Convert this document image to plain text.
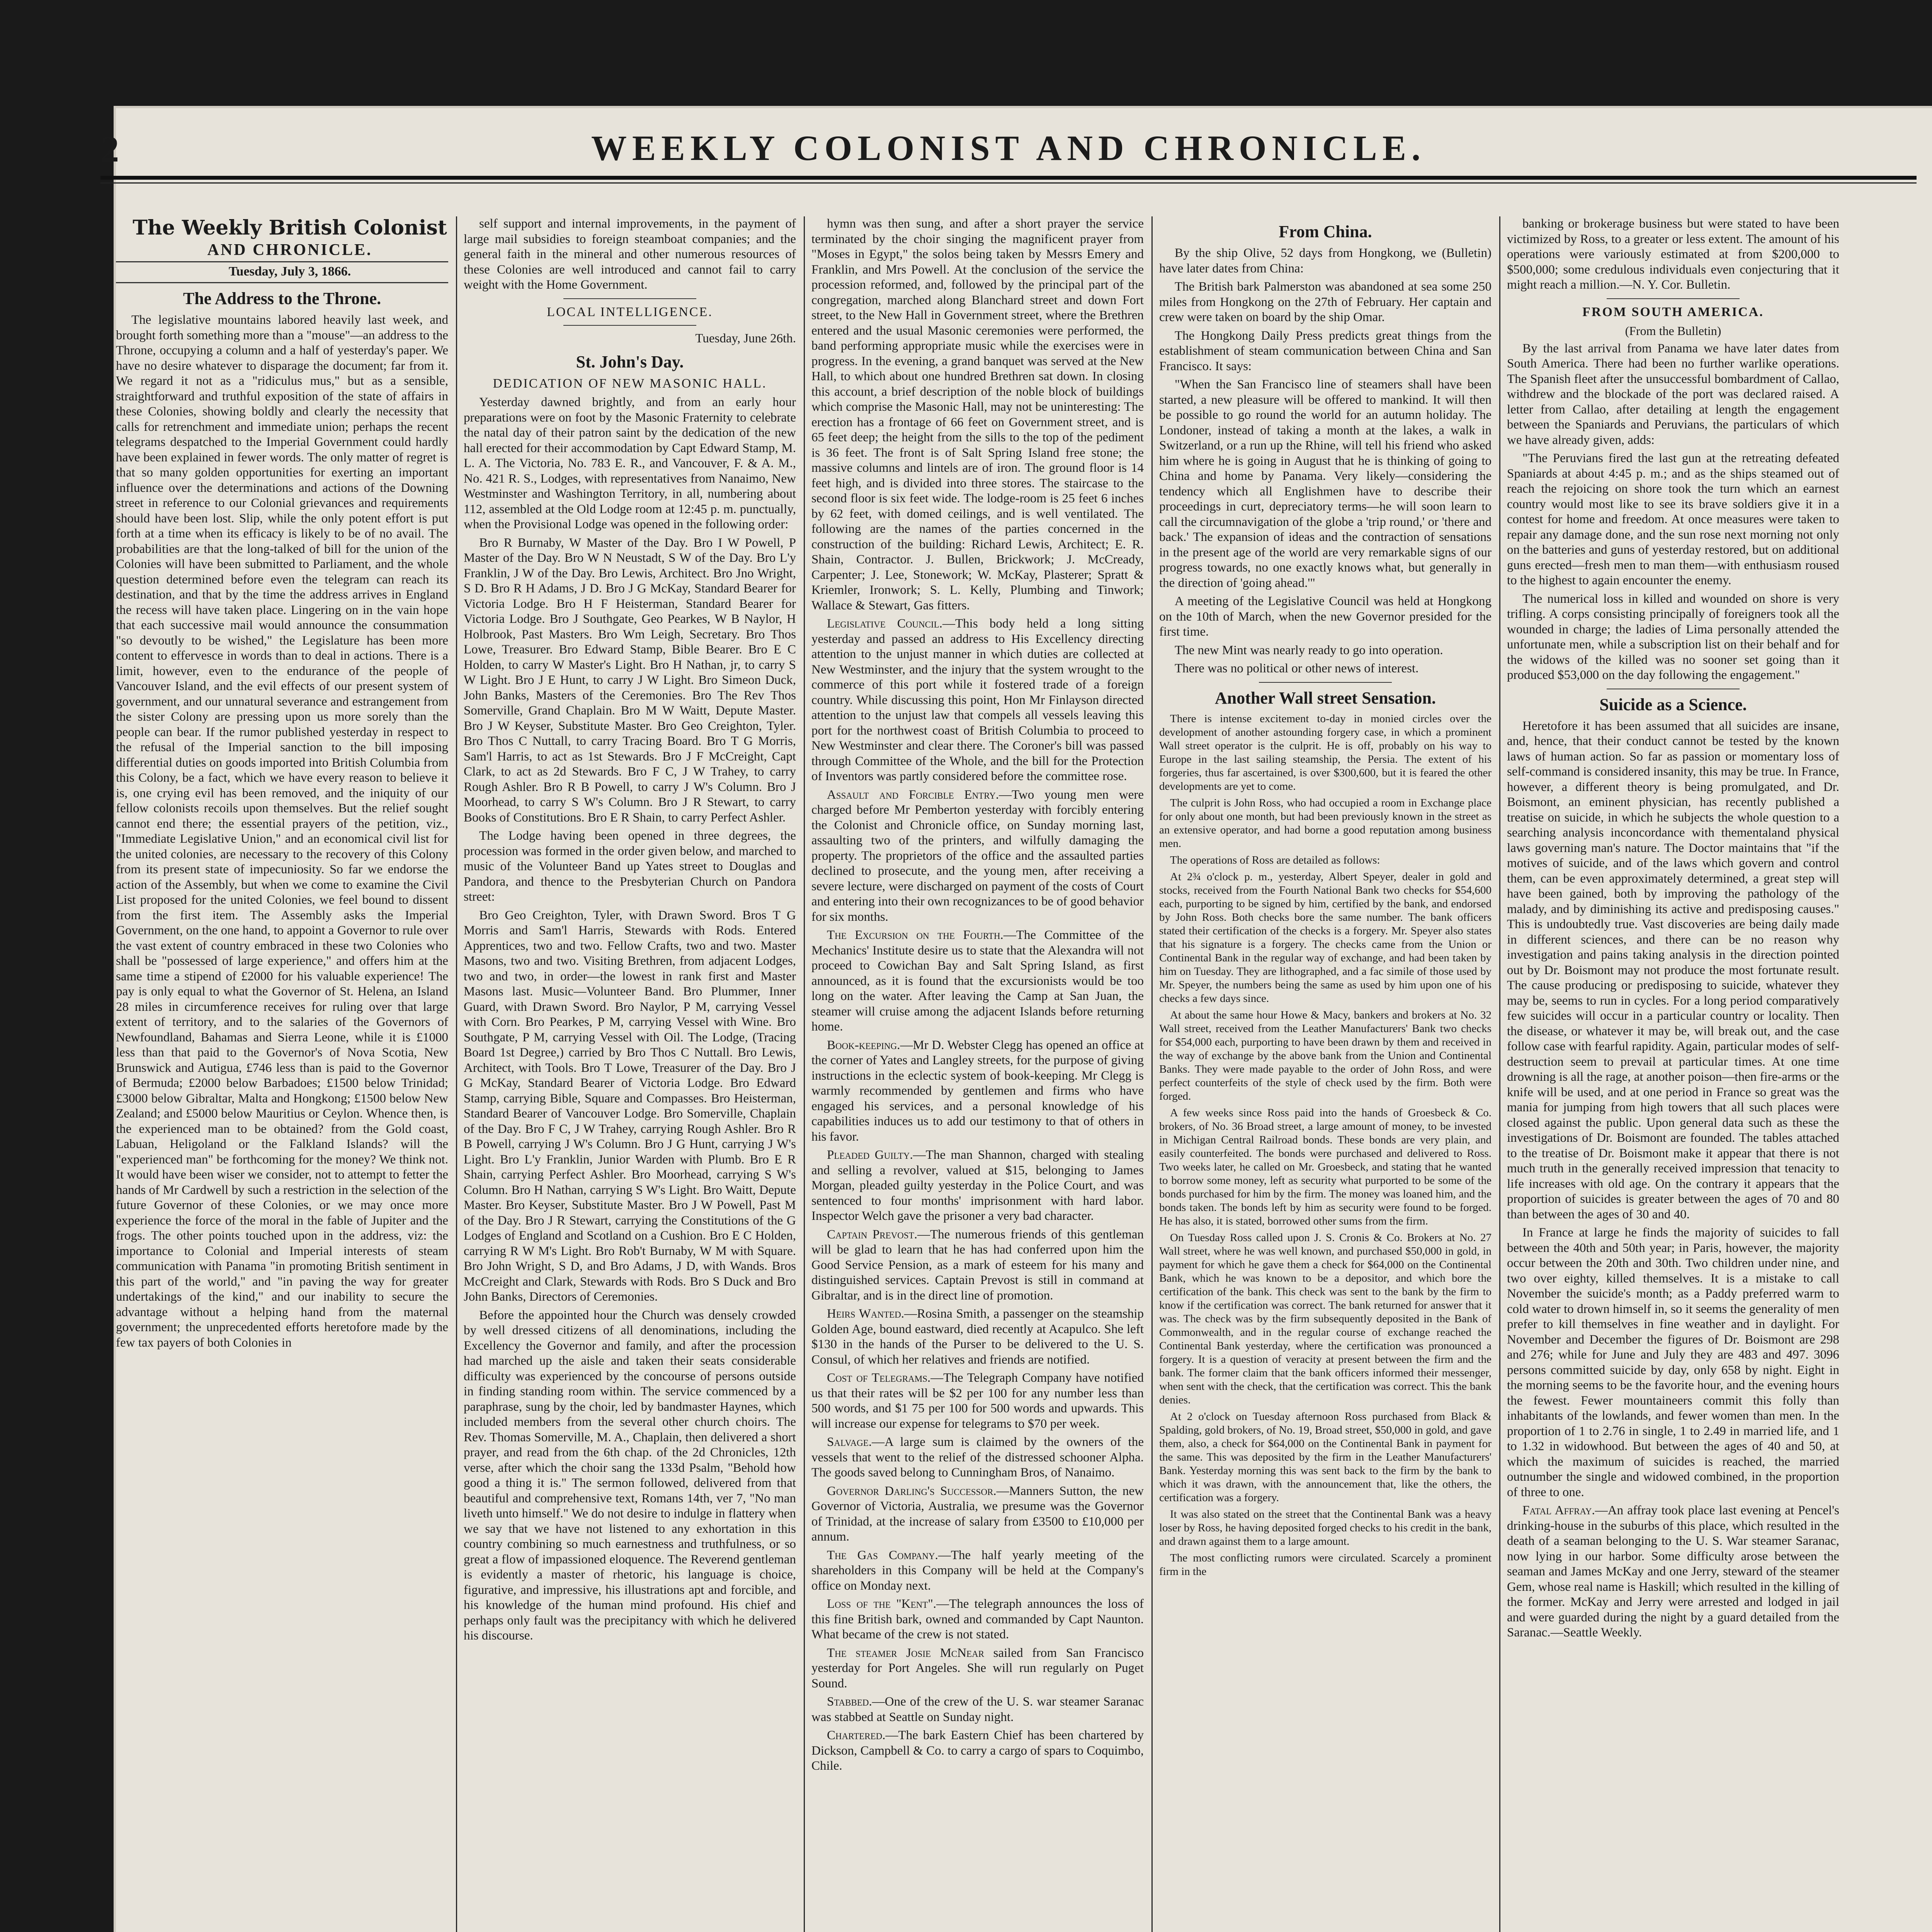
2	WEEKLY COLONIST AND CHRONICLE.

The Weekly British Colonist

AND CHRONICLE.

Tuesday, July 3, 1866.

The Address to the Throne.

The legislative mountains labored heavily last week, and brought forth something more than a "mouse"—an address to the Throne, occupying a column and a half of yesterday's paper. We have no desire whatever to disparage the document; far from it. We regard it not as a "ridiculus mus," but as a sensible, straightforward and truthful exposition of the state of affairs in these Colonies, showing boldly and clearly the necessity that calls for retrenchment and immediate union; perhaps the recent telegrams despatched to the Imperial Government could hardly have been explained in fewer words. The only matter of regret is that so many golden opportunities for exerting an important influence over the determinations and actions of the Downing street in reference to our Colonial grievances and requirements should have been lost. Slip, while the only potent effort is put forth at a time when its efficacy is likely to be of no avail. The probabilities are that the long-talked of bill for the union of the Colonies will have been submitted to Parliament, and the whole question determined before even the telegram can reach its destination, and that by the time the address arrives in England the recess will have taken place. Lingering on in the vain hope that each successive mail would announce the consummation "so devoutly to be wished," the Legislature has been more content to effervesce in words than to deal in actions. There is a limit, however, even to the endurance of the people of Vancouver Island, and the evil effects of our present system of government, and our unnatural severance and estrangement from the sister Colony are pressing upon us more sorely than the people can bear. If the rumor published yesterday in respect to the refusal of the Imperial sanction to the bill imposing differential duties on goods imported into British Columbia from this Colony, be a fact, which we have every reason to believe it is, one crying evil has been removed, and the iniquity of our fellow colonists recoils upon themselves. But the relief sought cannot end there; the essential prayers of the petition, viz., "Immediate Legislative Union," and an economical civil list for the united colonies, are necessary to the recovery of this Colony from its present state of impecuniosity. So far we endorse the action of the Assembly, but when we come to examine the Civil List proposed for the united Colonies, we feel bound to dissent from the first item. The Assembly asks the Imperial Government, on the one hand, to appoint a Governor to rule over the vast extent of country embraced in these two Colonies who shall be "possessed of large experience," and offers him at the same time a stipend of £2000 for his valuable experience! The pay is only equal to what the Governor of St. Helena, an Island 28 miles in circumference receives for ruling over that large extent of territory, and to the salaries of the Governors of Newfoundland, Bahamas and Sierra Leone, while it is £1000 less than that paid to the Governor's of Nova Scotia, New Brunswick and Autigua, £746 less than is paid to the Governor of Bermuda; £2000 below Barbadoes; £1500 below Trinidad; £3000 below Gibraltar, Malta and Hongkong; £1500 below New Zealand; and £5000 below Mauritius or Ceylon. Whence then, is the experienced man to be obtained? from the Gold coast, Labuan, Heligoland or the Falkland Islands? will the "experienced man" be forthcoming for the money? We think not. It would have been wiser we consider, not to attempt to fetter the hands of Mr Cardwell by such a restriction in the selection of the future Governor of these Colonies, or we may once more experience the force of the moral in the fable of Jupiter and the frogs. The other points touched upon in the address, viz: the importance to Colonial and Imperial interests of steam communication with Panama "in promoting British sentiment in this part of the world," and "in paving the way for greater undertakings of the kind," and our inability to secure the advantage without a helping hand from the maternal government; the unprecedented efforts heretofore made by the few tax payers of both Colonies in

self support and internal improvements, in the payment of large mail subsidies to foreign steamboat companies; and the general faith in the mineral and other numerous resources of these Colonies are well introduced and cannot fail to carry weight with the Home Government.

LOCAL INTELLIGENCE.

Tuesday, June 26th.

St. John's Day.

DEDICATION OF NEW MASONIC HALL.

Yesterday dawned brightly, and from an early hour preparations were on foot by the Masonic Fraternity to celebrate the natal day of their patron saint by the dedication of the new hall erected for their accommodation by Capt Edward Stamp, M. L. A. The Victoria, No. 783 E. R., and Vancouver, F. & A. M., No. 421 R. S., Lodges, with representatives from Nanaimo, New Westminster and Washington Territory, in all, numbering about 112, assembled at the Old Lodge room at 12:45 p. m. punctually, when the Provisional Lodge was opened in the following order:

Bro R Burnaby, W Master of the Day. Bro I W Powell, P Master of the Day. Bro W N Neustadt, S W of the Day. Bro L'y Franklin, J W of the Day. Bro Lewis, Architect. Bro Jno Wright, S D. Bro R H Adams, J D. Bro J G McKay, Standard Bearer for Victoria Lodge. Bro H F Heisterman, Standard Bearer for Victoria Lodge. Bro J Southgate, Geo Pearkes, W B Naylor, H Holbrook, Past Masters. Bro Wm Leigh, Secretary. Bro Thos Lowe, Treasurer. Bro Edward Stamp, Bible Bearer. Bro E C Holden, to carry W Master's Light. Bro H Nathan, jr, to carry S W Light. Bro J E Hunt, to carry J W Light. Bro Simeon Duck, John Banks, Masters of the Ceremonies. Bro The Rev Thos Somerville, Grand Chaplain. Bro M W Waitt, Depute Master. Bro J W Keyser, Substitute Master. Bro Geo Creighton, Tyler. Bro Thos C Nuttall, to carry Tracing Board. Bro T G Morris, Sam'l Harris, to act as 1st Stewards. Bro J F McCreight, Capt Clark, to act as 2d Stewards. Bro F C, J W Trahey, to carry Rough Ashler. Bro R B Powell, to carry J W's Column. Bro J Moorhead, to carry S W's Column. Bro J R Stewart, to carry Books of Constitutions. Bro E R Shain, to carry Perfect Ashler.

The Lodge having been opened in three degrees, the procession was formed in the order given below, and marched to music of the Volunteer Band up Yates street to Douglas and Pandora, and thence to the Presbyterian Church on Pandora street:

Bro Geo Creighton, Tyler, with Drawn Sword. Bros T G Morris and Sam'l Harris, Stewards with Rods. Entered Apprentices, two and two. Fellow Crafts, two and two. Master Masons, two and two. Visiting Brethren, from adjacent Lodges, two and two, in order—the lowest in rank first and Master Masons last. Music—Volunteer Band. Bro Plummer, Inner Guard, with Drawn Sword. Bro Naylor, P M, carrying Vessel with Corn. Bro Pearkes, P M, carrying Vessel with Wine. Bro Southgate, P M, carrying Vessel with Oil. The Lodge, (Tracing Board 1st Degree,) carried by Bro Thos C Nuttall. Bro Lewis, Architect, with Tools. Bro T Lowe, Treasurer of the Day. Bro J G McKay, Standard Bearer of Victoria Lodge. Bro Edward Stamp, carrying Bible, Square and Compasses. Bro Heisterman, Standard Bearer of Vancouver Lodge. Bro Somerville, Chaplain of the Day. Bro F C, J W Trahey, carrying Rough Ashler. Bro R B Powell, carrying J W's Column. Bro J G Hunt, carrying J W's Light. Bro L'y Franklin, Junior Warden with Plumb. Bro E R Shain, carrying Perfect Ashler. Bro Moorhead, carrying S W's Column. Bro H Nathan, carrying S W's Light. Bro Waitt, Depute Master. Bro Keyser, Substitute Master. Bro J W Powell, Past M of the Day. Bro J R Stewart, carrying the Constitutions of the G Lodges of England and Scotland on a Cushion. Bro E C Holden, carrying R W M's Light. Bro Rob't Burnaby, W M with Square. Bro John Wright, S D, and Bro Adams, J D, with Wands. Bros McCreight and Clark, Stewards with Rods. Bro S Duck and Bro John Banks, Directors of Ceremonies.

Before the appointed hour the Church was densely crowded by well dressed citizens of all denominations, including the Excellency the Governor and family, and after the procession had marched up the aisle and taken their seats considerable difficulty was experienced by the concourse of persons outside in finding standing room within. The service commenced by a paraphrase, sung by the choir, led by bandmaster Haynes, which included members from the several other church choirs. The Rev. Thomas Somerville, M. A., Chaplain, then delivered a short prayer, and read from the 6th chap. of the 2d Chronicles, 12th verse, after which the choir sang the 133d Psalm, "Behold how good a thing it is." The sermon followed, delivered from that beautiful and comprehensive text, Romans 14th, ver 7, "No man liveth unto himself." We do not desire to indulge in flattery when we say that we have not listened to any exhortation in this country combining so much earnestness and truthfulness, or so great a flow of impassioned eloquence. The Reverend gentleman is evidently a master of rhetoric, his language is choice, figurative, and impressive, his illustrations apt and forcible, and his knowledge of the human mind profound. His chief and perhaps only fault was the precipitancy with which he delivered his discourse.

hymn was then sung, and after a short prayer the service terminated by the choir singing the magnificent prayer from "Moses in Egypt," the solos being taken by Messrs Emery and Franklin, and Mrs Powell. At the conclusion of the service the procession reformed, and, followed by the principal part of the congregation, marched along Blanchard street and down Fort street, to the New Hall in Government street, where the Brethren entered and the usual Masonic ceremonies were performed, the band performing appropriate music while the exercises were in progress. In the evening, a grand banquet was served at the New Hall, to which about one hundred Brethren sat down. In closing this account, a brief description of the noble block of buildings which comprise the Masonic Hall, may not be uninteresting: The erection has a frontage of 66 feet on Government street, and is 65 feet deep; the height from the sills to the top of the pediment is 36 feet. The front is of Salt Spring Island free stone; the massive columns and lintels are of iron. The ground floor is 14 feet high, and is divided into three stores. The staircase to the second floor is six feet wide. The lodge-room is 25 feet 6 inches by 62 feet, with domed ceilings, and is well ventilated. The following are the names of the parties concerned in the construction of the building: Richard Lewis, Architect; E. R. Shain, Contractor. J. Bullen, Brickwork; J. McCready, Carpenter; J. Lee, Stonework; W. McKay, Plasterer; Spratt & Kriemler, Ironwork; S. L. Kelly, Plumbing and Tinwork; Wallace & Stewart, Gas fitters.

Legislative Council.—This body held a long sitting yesterday and passed an address to His Excellency directing attention to the unjust manner in which duties are collected at New Westminster, and the injury that the system wrought to the commerce of this port while it fostered trade of a foreign country. While discussing this point, Hon Mr Finlayson directed attention to the unjust law that compels all vessels leaving this port for the northwest coast of British Columbia to proceed to New Westminster and clear there. The Coroner's bill was passed through Committee of the Whole, and the bill for the Protection of Inventors was partly considered before the committee rose.

Assault and Forcible Entry.—Two young men were charged before Mr Pemberton yesterday with forcibly entering the Colonist and Chronicle office, on Sunday morning last, assaulting two of the printers, and wilfully damaging the property. The proprietors of the office and the assaulted parties declined to prosecute, and the young men, after receiving a severe lecture, were discharged on payment of the costs of Court and entering into their own recognizances to be of good behavior for six months.

The Excursion on the Fourth.—The Committee of the Mechanics' Institute desire us to state that the Alexandra will not proceed to Cowichan Bay and Salt Spring Island, as first announced, as it is found that the excursionists would be too long on the water. After leaving the Camp at San Juan, the steamer will cruise among the adjacent Islands before returning home.

Book-keeping.—Mr D. Webster Clegg has opened an office at the corner of Yates and Langley streets, for the purpose of giving instructions in the eclectic system of book-keeping. Mr Clegg is warmly recommended by gentlemen and firms who have engaged his services, and a personal knowledge of his capabilities induces us to add our testimony to that of others in his favor.

Pleaded Guilty.—The man Shannon, charged with stealing and selling a revolver, valued at $15, belonging to James Morgan, pleaded guilty yesterday in the Police Court, and was sentenced to four months' imprisonment with hard labor. Inspector Welch gave the prisoner a very bad character.

Captain Prevost.—The numerous friends of this gentleman will be glad to learn that he has had conferred upon him the Good Service Pension, as a mark of esteem for his many and distinguished services. Captain Prevost is still in command at Gibraltar, and is in the direct line of promotion.

Heirs Wanted.—Rosina Smith, a passenger on the steamship Golden Age, bound eastward, died recently at Acapulco. She left $130 in the hands of the Purser to be delivered to the U. S. Consul, of which her relatives and friends are notified.

Cost of Telegrams.—The Telegraph Company have notified us that their rates will be $2 per 100 for any number less than 500 words, and $1 75 per 100 for 500 words and upwards. This will increase our expense for telegrams to $70 per week.

Salvage.—A large sum is claimed by the owners of the vessels that went to the relief of the distressed schooner Alpha. The goods saved belong to Cunningham Bros, of Nanaimo.

Governor Darling's Successor.—Manners Sutton, the new Governor of Victoria, Australia, we presume was the Governor of Trinidad, at the increase of salary from £3500 to £10,000 per annum.

The Gas Company.—The half yearly meeting of the shareholders in this Company will be held at the Company's office on Monday next.

Loss of the "Kent".—The telegraph announces the loss of this fine British bark, owned and commanded by Capt Naunton. What became of the crew is not stated.

The steamer Josie McNear sailed from San Francisco yesterday for Port Angeles. She will run regularly on Puget Sound.

Stabbed.—One of the crew of the U. S. war steamer Saranac was stabbed at Seattle on Sunday night.

Chartered.—The bark Eastern Chief has been chartered by Dickson, Campbell & Co. to carry a cargo of spars to Coquimbo, Chile.

From China.

By the ship Olive, 52 days from Hongkong, we (Bulletin) have later dates from China:

The British bark Palmerston was abandoned at sea some 250 miles from Hongkong on the 27th of February. Her captain and crew were taken on board by the ship Omar.

The Hongkong Daily Press predicts great things from the establishment of steam communication between China and San Francisco. It says:

"When the San Francisco line of steamers shall have been started, a new pleasure will be offered to mankind. It will then be possible to go round the world for an autumn holiday. The Londoner, instead of taking a month at the lakes, a walk in Switzerland, or a run up the Rhine, will tell his friend who asked him where he is going in August that he is thinking of going to China and home by Panama. Very likely—considering the tendency which all Englishmen have to describe their proceedings in curt, depreciatory terms—he will soon learn to call the circumnavigation of the globe a 'trip round,' or 'there and back.' The expansion of ideas and the contraction of sensations in the present age of the world are very remarkable signs of our progress towards, no one exactly knows what, but generally in the direction of 'going ahead.'"

A meeting of the Legislative Council was held at Hongkong on the 10th of March, when the new Governor presided for the first time.

The new Mint was nearly ready to go into operation.

There was no political or other news of interest.

Another Wall street Sensation.

There is intense excitement to-day in monied circles over the development of another astounding forgery case, in which a prominent Wall street operator is the culprit. He is off, probably on his way to Europe in the last sailing steamship, the Persia. The extent of his forgeries, thus far ascertained, is over $300,600, but it is feared the other developments are yet to come.

The culprit is John Ross, who had occupied a room in Exchange place for only about one month, but had been previously known in the street as an extensive operator, and had borne a good reputation among business men.

The operations of Ross are detailed as follows:

At 2¾ o'clock p. m., yesterday, Albert Speyer, dealer in gold and stocks, received from the Fourth National Bank two checks for $54,600 each, purporting to be signed by him, certified by the bank, and endorsed by John Ross. Both checks bore the same number. The bank officers stated their certification of the checks is a forgery. Mr. Speyer also states that his signature is a forgery. The checks came from the Union or Continental Bank in the regular way of exchange, and had been taken by him on Tuesday. They are lithographed, and a fac simile of those used by Mr. Speyer, the numbers being the same as used by him upon one of his checks a few days since.

At about the same hour Howe & Macy, bankers and brokers at No. 32 Wall street, received from the Leather Manufacturers' Bank two checks for $54,000 each, purporting to have been drawn by them and received in the way of exchange by the above bank from the Union and Continental Banks. They were made payable to the order of John Ross, and were perfect counterfeits of the style of check used by the firm. Both were forged.

A few weeks since Ross paid into the hands of Groesbeck & Co. brokers, of No. 36 Broad street, a large amount of money, to be invested in Michigan Central Railroad bonds. These bonds are very plain, and easily counterfeited. The bonds were purchased and delivered to Ross. Two weeks later, he called on Mr. Groesbeck, and stating that he wanted to borrow some money, left as security what purported to be some of the bonds purchased for him by the firm. The money was loaned him, and the bonds taken. The bonds left by him as security were found to be forged. He has also, it is stated, borrowed other sums from the firm.

On Tuesday Ross called upon J. S. Cronis & Co. Brokers at No. 27 Wall street, where he was well known, and purchased $50,000 in gold, in payment for which he gave them a check for $64,000 on the Continental Bank, which he was known to be a depositor, and which bore the certification of the bank. This check was sent to the bank by the firm to know if the certification was correct. The bank returned for answer that it was. The check was by the firm subsequently deposited in the Bank of Commonwealth, and in the regular course of exchange reached the Continental Bank yesterday, where the certification was pronounced a forgery. It is a question of veracity at present between the firm and the bank. The former claim that the bank officers informed their messenger, when sent with the check, that the certification was correct. This the bank denies.

At 2 o'clock on Tuesday afternoon Ross purchased from Black & Spalding, gold brokers, of No. 19, Broad street, $50,000 in gold, and gave them, also, a check for $64,000 on the Continental Bank in payment for the same. This was deposited by the firm in the Leather Manufacturers' Bank. Yesterday morning this was sent back to the firm by the bank to which it was drawn, with the announcement that, like the others, the certification was a forgery.

It was also stated on the street that the Continental Bank was a heavy loser by Ross, he having deposited forged checks to his credit in the bank, and drawn against them to a large amount.

The most conflicting rumors were circulated. Scarcely a prominent firm in the

banking or brokerage business but were stated to have been victimized by Ross, to a greater or less extent. The amount of his operations were variously estimated at from $200,000 to $500,000; some credulous individuals even conjecturing that it might reach a million.—N. Y. Cor. Bulletin.

FROM SOUTH AMERICA.

(From the Bulletin)

By the last arrival from Panama we have later dates from South America. There had been no further warlike operations. The Spanish fleet after the unsuccessful bombardment of Callao, withdrew and the blockade of the port was declared raised. A letter from Callao, after detailing at length the engagement between the Spaniards and Peruvians, the particulars of which we have already given, adds:

"The Peruvians fired the last gun at the retreating defeated Spaniards at about 4:45 p. m.; and as the ships steamed out of reach the rejoicing on shore took the turn which an earnest country would most like to see its brave soldiers give it in a contest for home and freedom. At once measures were taken to repair any damage done, and the sun rose next morning not only on the batteries and guns of yesterday restored, but on additional guns erected—fresh men to man them—with enthusiasm roused to the highest to again encounter the enemy.

The numerical loss in killed and wounded on shore is very trifling. A corps consisting principally of foreigners took all the wounded in charge; the ladies of Lima personally attended the unfortunate men, while a subscription list on their behalf and for the widows of the killed was no sooner set going than it produced $53,000 on the day following the engagement."

Suicide as a Science.

Heretofore it has been assumed that all suicides are insane, and, hence, that their conduct cannot be tested by the known laws of human action. So far as passion or momentary loss of self-command is considered insanity, this may be true. In France, however, a different theory is being promulgated, and Dr. Boismont, an eminent physician, has recently published a treatise on suicide, in which he subjects the whole question to a searching analysis inconcordance with thementaland physical laws governing man's nature. The Doctor maintains that "if the motives of suicide, and of the laws which govern and control them, can be even approximately determined, a great step will have been gained, both by improving the pathology of the malady, and by diminishing its active and predisposing causes." This is undoubtedly true. Vast discoveries are being daily made in different sciences, and there can be no reason why investigation and pains taking analysis in the direction pointed out by Dr. Boismont may not produce the most fortunate result. The cause producing or predisposing to suicide, whatever they may be, seems to run in cycles. For a long period comparatively few suicides will occur in a particular country or locality. Then the disease, or whatever it may be, will break out, and the case follow case with fearful rapidity. Again, particular modes of self-destruction seem to prevail at particular times. At one time drowning is all the rage, at another poison—then fire-arms or the knife will be used, and at one period in France so great was the mania for jumping from high towers that all such places were closed against the public. Upon general data such as these the investigations of Dr. Boismont are founded. The tables attached to the treatise of Dr. Boismont make it appear that there is not much truth in the generally received impression that tenacity to life increases with old age. On the contrary it appears that the proportion of suicides is greater between the ages of 70 and 80 than between the ages of 30 and 40.

In France at large he finds the majority of suicides to fall between the 40th and 50th year; in Paris, however, the majority occur between the 20th and 30th. Two children under nine, and two over eighty, killed themselves. It is a mistake to call November the suicide's month; as a Paddy preferred warm to cold water to drown himself in, so it seems the generality of men prefer to kill themselves in fine weather and in daylight. For November and December the figures of Dr. Boismont are 298 and 276; while for June and July they are 483 and 497. 3096 persons committed suicide by day, only 658 by night. Eight in the morning seems to be the favorite hour, and the evening hours the fewest. Fewer mountaineers commit this folly than inhabitants of the lowlands, and fewer women than men. In the proportion of 1 to 2.76 in single, 1 to 2.49 in married life, and 1 to 1.32 in widowhood. But between the ages of 40 and 50, at which the maximum of suicides is reached, the married outnumber the single and widowed combined, in the proportion of three to one.

Fatal Affray.—An affray took place last evening at Pencel's drinking-house in the suburbs of this place, which resulted in the death of a seaman belonging to the U. S. War steamer Saranac, now lying in our harbor. Some difficulty arose between the seaman and James McKay and one Jerry, steward of the steamer Gem, whose real name is Haskill; which resulted in the killing of the former. McKay and Jerry were arrested and lodged in jail and were guarded during the night by a guard detailed from the Saranac.—Seattle Weekly.
